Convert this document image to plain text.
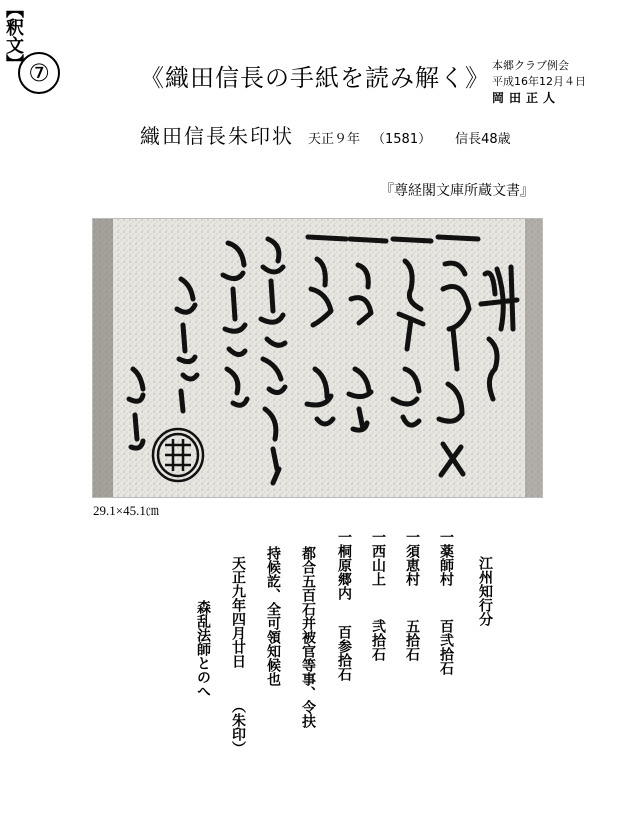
⑦	《織田信長の手紙を読み解く》 本郷クラブ例会
平成16年12月４日
岡田正人
織田信長朱印状 天正９年 （1581） 信長48歳
『尊経閣文庫所蔵文書』
29.1×45.1㎝
【釈文】
江州知行分
一薬師村 百弐拾石
一須恵村 五拾石
一西山上 弐拾石
一桐原郷内 百参拾石
都合五百石并被官等事、令扶
持候訖、全可領知候也
天正九年四月廿日 （朱印）
森乱法師とのへ
